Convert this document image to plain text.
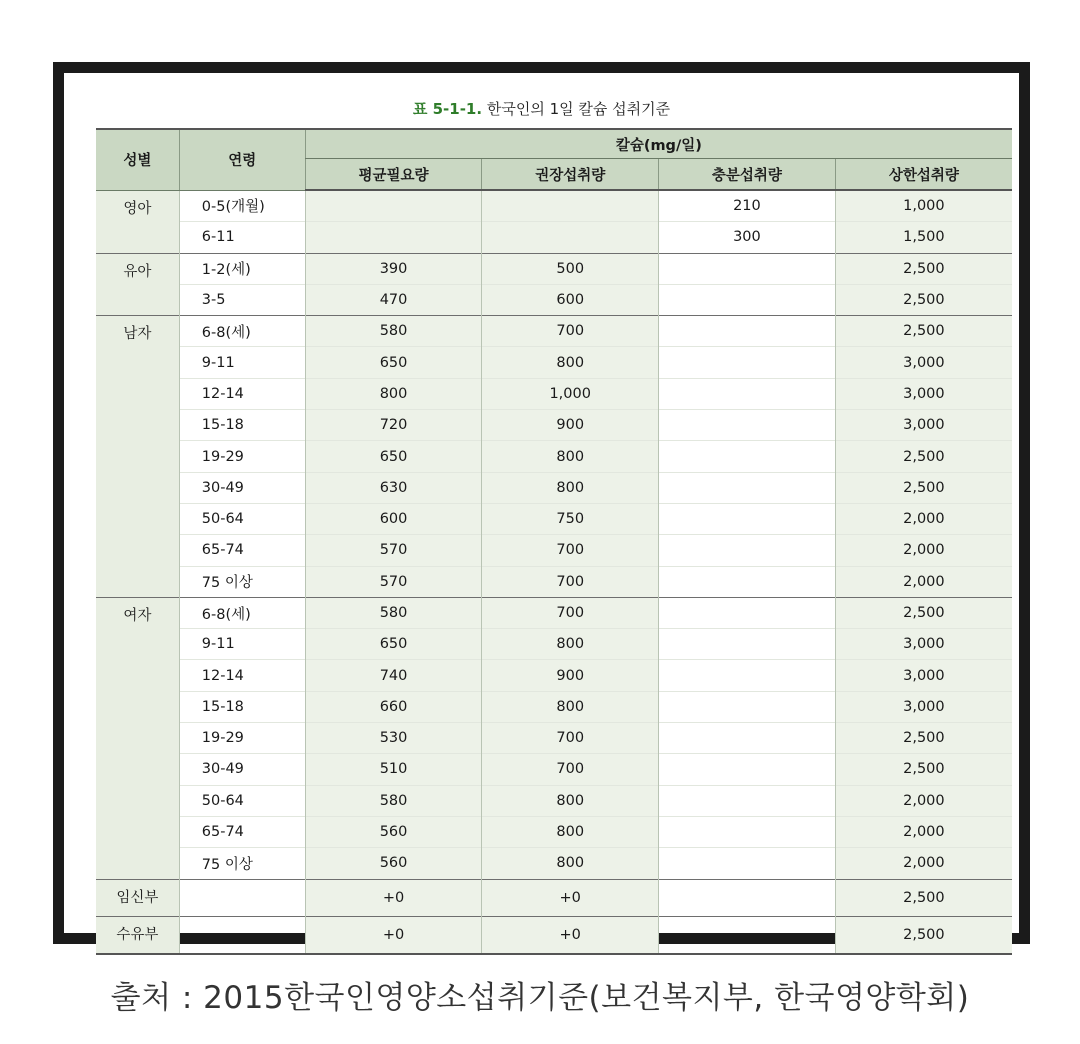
표 5-1-1. 한국인의 1일 칼슘 섭취기준
성별	연령	칼슘(mg/일)			
		평균필요량	권장섭취량	충분섭취량	상한섭취량
영아	0-5(개월)			210	1,000
	6-11			300	1,500
유아	1-2(세)	390	500		2,500
	3-5	470	600		2,500
남자	6-8(세)	580	700		2,500
	9-11	650	800		3,000
	12-14	800	1,000		3,000
	15-18	720	900		3,000
	19-29	650	800		2,500
	30-49	630	800		2,500
	50-64	600	750		2,000
	65-74	570	700		2,000
	75 이상	570	700		2,000
여자	6-8(세)	580	700		2,500
	9-11	650	800		3,000
	12-14	740	900		3,000
	15-18	660	800		3,000
	19-29	530	700		2,500
	30-49	510	700		2,500
	50-64	580	800		2,000
	65-74	560	800		2,000
	75 이상	560	800		2,000
임신부		+0	+0		2,500
수유부		+0	+0		2,500
출처 : 2015한국인영양소섭취기준(보건복지부, 한국영양학회)
